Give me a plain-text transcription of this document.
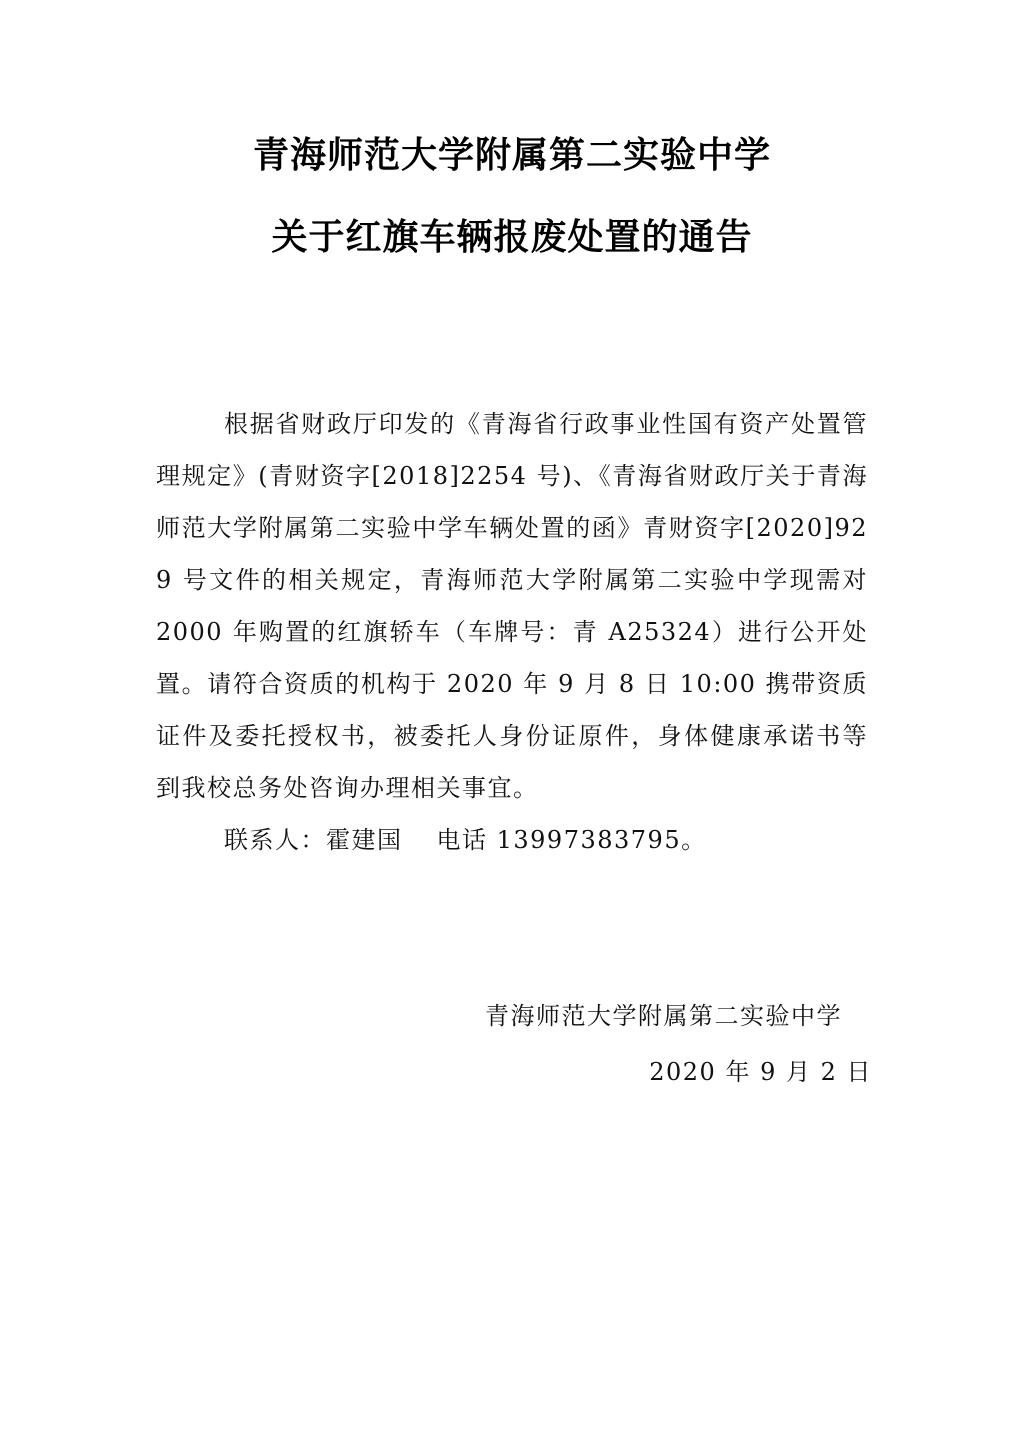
青海师范大学附属第二实验中学
关于红旗车辆报废处置的通告

根据省财政厅印发的《青海省行政事业性国有资产处置管理规定》(青财资字[2018]2254 号)、《青海省财政厅关于青海师范大学附属第二实验中学车辆处置的函》青财资字[2020]929 号文件的相关规定，青海师范大学附属第二实验中学现需对 2000 年购置的红旗轿车（车牌号：青 A25324）进行公开处置。请符合资质的机构于 2020 年 9 月 8 日 10:00 携带资质证件及委托授权书，被委托人身份证原件，身体健康承诺书等到我校总务处咨询办理相关事宜。

联系人：霍建国 电话 13997383795。

青海师范大学附属第二实验中学
2020 年 9 月 2 日
